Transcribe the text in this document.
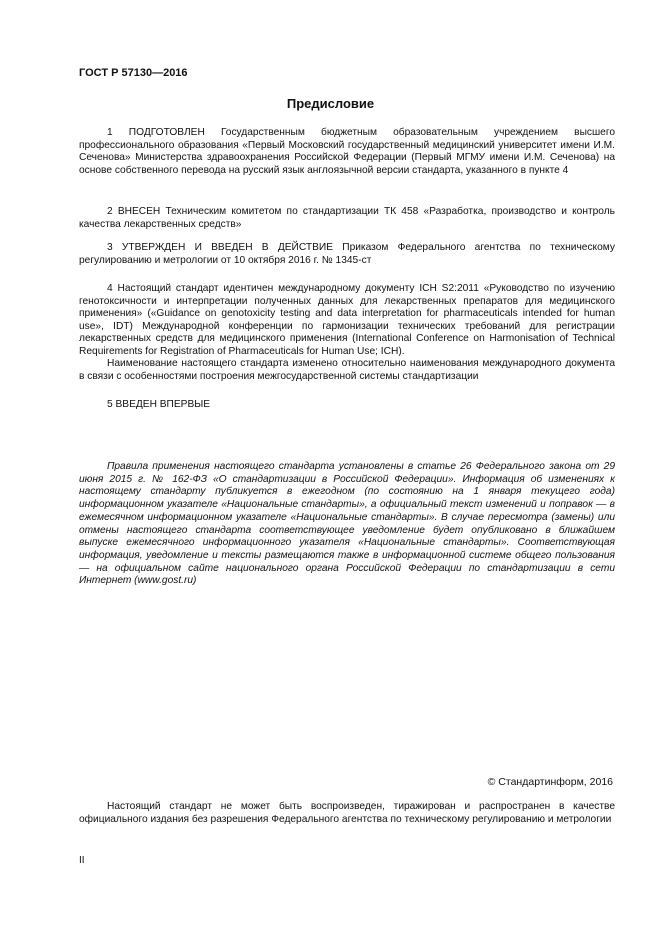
ГОСТ Р 57130—2016
Предисловие
1 ПОДГОТОВЛЕН Государственным бюджетным образовательным учреждением высшего профессионального образования «Первый Московский государственный медицинский университет имени И.М. Сеченова» Министерства здравоохранения Российской Федерации (Первый МГМУ имени И.М. Сеченова) на основе собственного перевода на русский язык англоязычной версии стандарта, указанного в пункте 4
2 ВНЕСЕН Техническим комитетом по стандартизации ТК 458 «Разработка, производство и контроль качества лекарственных средств»
3 УТВЕРЖДЕН И ВВЕДЕН В ДЕЙСТВИЕ Приказом Федерального агентства по техническому регулированию и метрологии от 10 октября 2016 г. № 1345-ст
4 Настоящий стандарт идентичен международному документу ICH S2:2011 «Руководство по изучению генотоксичности и интерпретации полученных данных для лекарственных препаратов для медицинского применения» («Guidance on genotoxicity testing and data interpretation for pharmaceuticals intended for human use», IDT) Международной конференции по гармонизации технических требований для регистрации лекарственных средств для медицинского применения (International Conference on Harmonisation of Technical Requirements for Registration of Pharmaceuticals for Human Use; ICH).
Наименование настоящего стандарта изменено относительно наименования международного документа в связи с особенностями построения межгосударственной системы стандартизации
5 ВВЕДЕН ВПЕРВЫЕ
Правила применения настоящего стандарта установлены в статье 26 Федерального закона от 29 июня 2015 г. № 162-ФЗ «О стандартизации в Российской Федерации». Информация об изменениях к настоящему стандарту публикуется в ежегодном (по состоянию на 1 января текущего года) информационном указателе «Национальные стандарты», а официальный текст изменений и поправок — в ежемесячном информационном указателе «Национальные стандарты». В случае пересмотра (замены) или отмены настоящего стандарта соответствующее уведомление будет опубликовано в ближайшем выпуске ежемесячного информационного указателя «Национальные стандарты». Соответствующая информация, уведомление и тексты размещаются также в информационной системе общего пользования — на официальном сайте национального органа Российской Федерации по стандартизации в сети Интернет (www.gost.ru)
© Стандартинформ, 2016
Настоящий стандарт не может быть воспроизведен, тиражирован и распространен в качестве официального издания без разрешения Федерального агентства по техническому регулированию и метрологии
II
